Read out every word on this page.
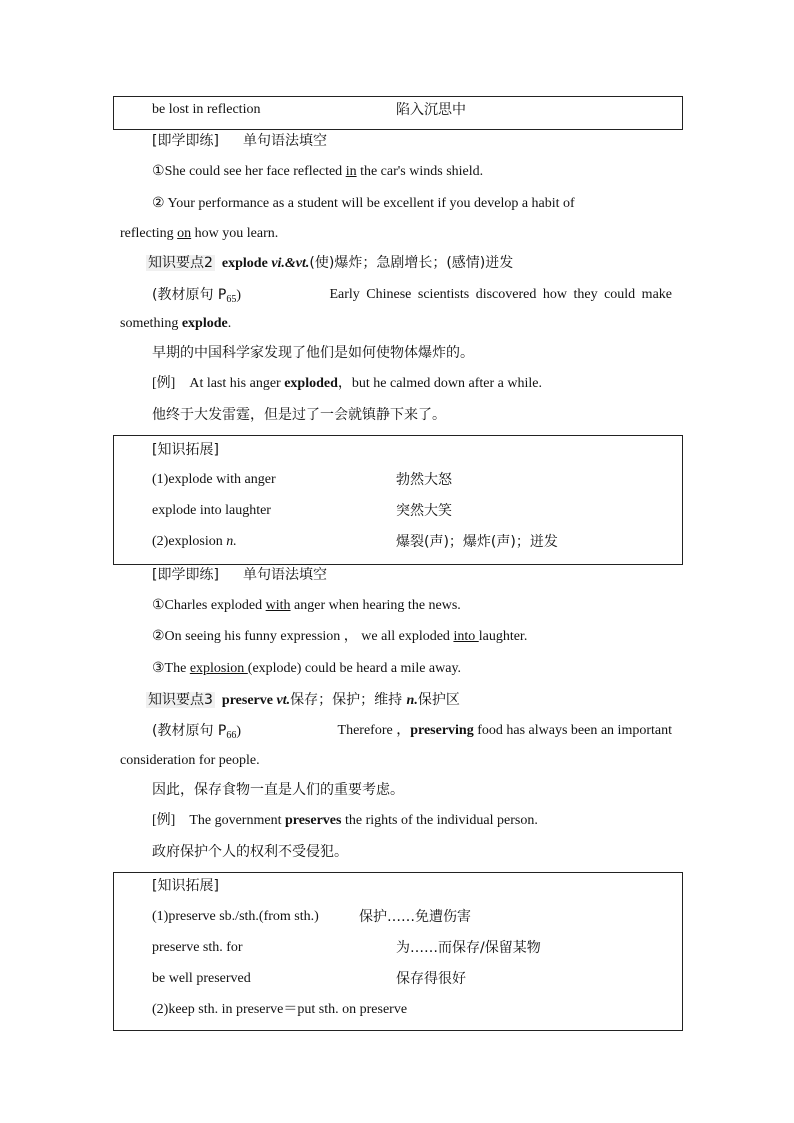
be lost in reflection	陷入沉思中
[即学即练] 单句语法填空
①She could see her face reflected in the car's winds shield.
② Your performance as a student will be excellent if you develop a habit of
reflecting on how you learn.
知识要点2 explode vi.&vt.(使)爆炸；急剧增长；(感情)迸发
(教材原句 $P_{65}$)	Early Chinese scientists discovered how they could make
something explode.
早期的中国科学家发现了他们是如何使物体爆炸的。
[例] At last his anger exploded，but he calmed down after a while.
他终于大发雷霆，但是过了一会就镇静下来了。
[知识拓展]
(1)explode with anger	勃然大怒
explode into laughter	突然大笑
(2)explosion n.	爆裂(声)；爆炸(声)；迸发
[即学即练] 单句语法填空
①Charles exploded with anger when hearing the news.
②On seeing his funny expression ， we all exploded into laughter.
③The explosion (explode) could be heard a mile away.
知识要点3 preserve vt.保存；保护；维持 n.保护区
(教材原句 $P_{66}$)	Therefore ，preserving food has always been an important
consideration for people.
因此，保存食物一直是人们的重要考虑。
[例] The government preserves the rights of the individual person.
政府保护个人的权利不受侵犯。
[知识拓展]
(1)preserve sb./sth.(from sth.)	保护……免遭伤害
preserve sth. for	为……而保存/保留某物
be well preserved	保存得很好
(2)keep sth. in preserve＝put sth. on preserve
